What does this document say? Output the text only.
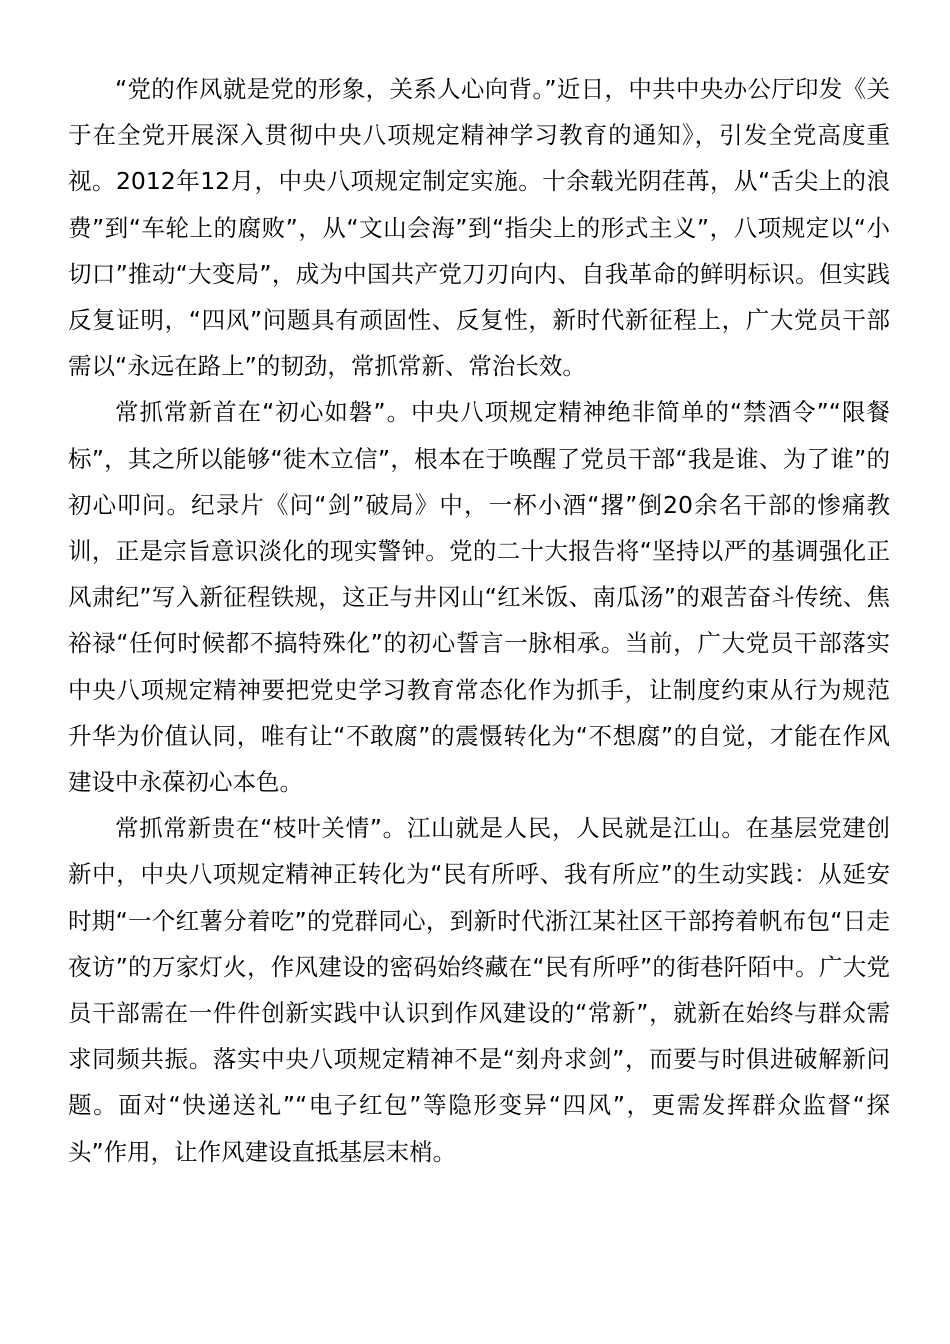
“党的作风就是党的形象，关系人心向背。”近日，中共中央办公厅印发《关于在全党开展深入贯彻中央八项规定精神学习教育的通知》，引发全党高度重视。2012年12月，中央八项规定制定实施。十余载光阴荏苒，从“舌尖上的浪费”到“车轮上的腐败”，从“文山会海”到“指尖上的形式主义”，八项规定以“小切口”推动“大变局”，成为中国共产党刀刃向内、自我革命的鲜明标识。但实践反复证明，“四风”问题具有顽固性、反复性，新时代新征程上，广大党员干部需以“永远在路上”的韧劲，常抓常新、常治长效。

常抓常新首在“初心如磐”。中央八项规定精神绝非简单的“禁酒令”“限餐标”，其之所以能够“徙木立信”，根本在于唤醒了党员干部“我是谁、为了谁”的初心叩问。纪录片《问“剑”破局》中，一杯小酒“撂”倒20余名干部的惨痛教训，正是宗旨意识淡化的现实警钟。党的二十大报告将“坚持以严的基调强化正风肃纪”写入新征程铁规，这正与井冈山“红米饭、南瓜汤”的艰苦奋斗传统、焦裕禄“任何时候都不搞特殊化”的初心誓言一脉相承。当前，广大党员干部落实中央八项规定精神要把党史学习教育常态化作为抓手，让制度约束从行为规范升华为价值认同，唯有让“不敢腐”的震慑转化为“不想腐”的自觉，才能在作风建设中永葆初心本色。

常抓常新贵在“枝叶关情”。江山就是人民，人民就是江山。在基层党建创新中，中央八项规定精神正转化为“民有所呼、我有所应”的生动实践：从延安时期“一个红薯分着吃”的党群同心，到新时代浙江某社区干部挎着帆布包“日走夜访”的万家灯火，作风建设的密码始终藏在“民有所呼”的街巷阡陌中。广大党员干部需在一件件创新实践中认识到作风建设的“常新”，就新在始终与群众需求同频共振。落实中央八项规定精神不是“刻舟求剑”，而要与时俱进破解新问题。面对“快递送礼”“电子红包”等隐形变异“四风”，更需发挥群众监督“探头”作用，让作风建设直抵基层末梢。
